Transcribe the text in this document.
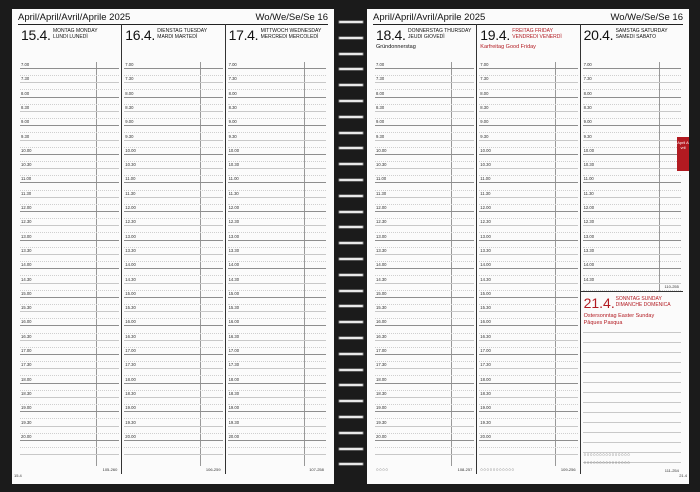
April/April/Avril/Aprile 2025	Wo/We/Se/Se 16
15.4. MONTAG MONDAY
LUNDI LUNEDÌ
7.00
7.30
8.00
8.30
9.00
9.30
10.00
10.30
11.00
11.30
12.00
12.30
13.00
13.30
14.00
14.30
15.00
15.30
16.00
16.30
17.00
17.30
18.00
18.30
19.00
19.30
20.00
105-260
16.4. DIENSTAG TUESDAY
MARDI MARTEDÌ
7.00
7.30
8.00
8.30
9.00
9.30
10.00
10.30
11.00
11.30
12.00
12.30
13.00
13.30
14.00
14.30
15.00
15.30
16.00
16.30
17.00
17.30
18.00
18.30
19.00
19.30
20.00
106-259
17.4. MITTWOCH WEDNESDAY
MERCREDI MERCOLEDÌ
7.00
7.30
8.00
8.30
9.00
9.30
10.00
10.30
11.00
11.30
12.00
12.30
13.00
13.30
14.00
14.30
15.00
15.30
16.00
16.30
17.00
17.30
18.00
18.30
19.00
19.30
20.00
107-258
15.4
April/April/Avril/Aprile 2025	Wo/We/Se/Se 16
18.4. DONNERSTAG THURSDAY
JEUDI GIOVEDÌ
Gründonnerstag
7.00
7.30
8.00
8.30
9.00
9.30
10.00
10.30
11.00
11.30
12.00
12.30
13.00
13.30
14.00
14.30
15.00
15.30
16.00
16.30
17.00
17.30
18.00
18.30
19.00
19.30
20.00
108-257
○○○○
19.4. FREITAG FRIDAY
VENDREDI VENERDÌ
Karfreitag Good Friday
7.00
7.30
8.00
8.30
9.00
9.30
10.00
10.30
11.00
11.30
12.00
12.30
13.00
13.30
14.00
14.30
15.00
15.30
16.00
16.30
17.00
17.30
18.00
18.30
19.00
19.30
20.00
109-256
○○○○○○○○○○○
20.4. SAMSTAG SATURDAY
SAMEDI SABATO
7.00
7.30
8.00
8.30
9.00
9.30
10.00
10.30
11.00
11.30
12.00
12.30
13.00
13.30
14.00
14.30
110-255
21.4. SONNTAG SUNDAY
DIMANCHE DOMENICA
Ostersonntag Easter Sunday
Pâques Pasqua
○○○○○○○○○○○○○○○
○○○○○○○○○○○○○○○
111-254
21.4
April Avril
